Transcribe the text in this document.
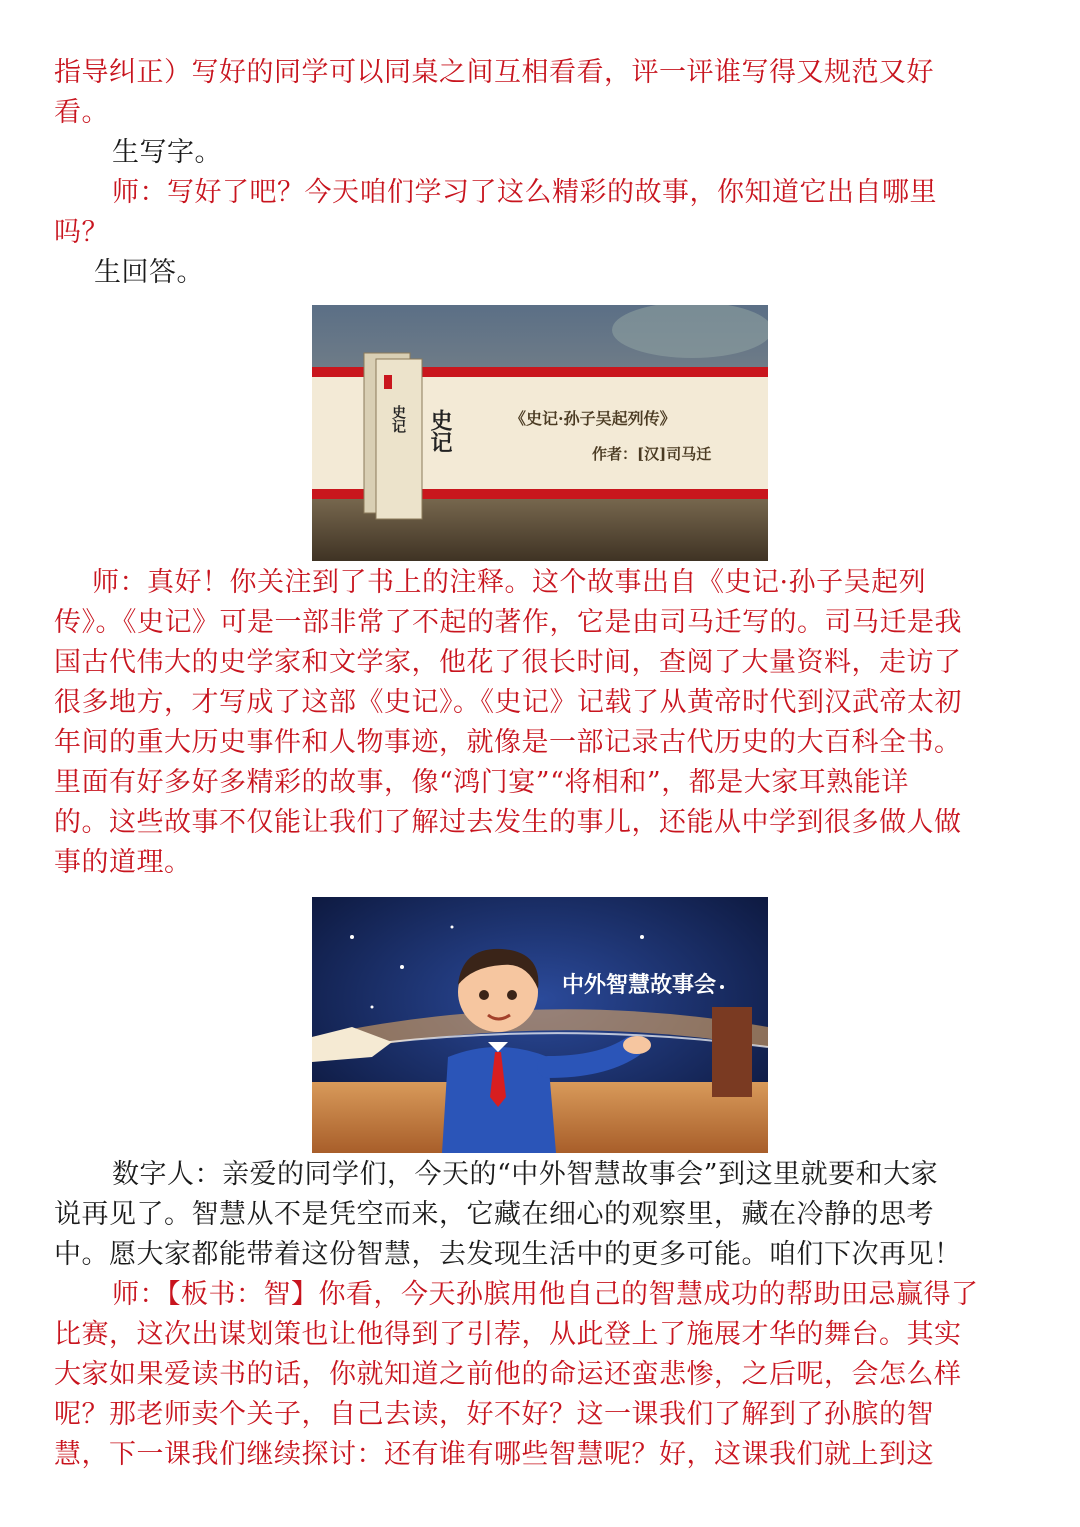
指导纠正）写好的同学可以同桌之间互相看看，评一评谁写得又规范又好
看。
生写字。
师：写好了吧？今天咱们学习了这么精彩的故事，你知道它出自哪里
吗？
生回答。
史记 史记	《史记·孙子吴起列传》
作者：[汉]司马迁
师：真好！你关注到了书上的注释。这个故事出自《史记·孙子吴起列
传》。《史记》可是一部非常了不起的著作，它是由司马迁写的。司马迁是我
国古代伟大的史学家和文学家，他花了很长时间，查阅了大量资料，走访了
很多地方，才写成了这部《史记》。《史记》记载了从黄帝时代到汉武帝太初
年间的重大历史事件和人物事迹，就像是一部记录古代历史的大百科全书。
里面有好多好多精彩的故事，像“鸿门宴”“将相和”，都是大家耳熟能详
的。这些故事不仅能让我们了解过去发生的事儿，还能从中学到很多做人做
事的道理。
中外智慧故事会
数字人：亲爱的同学们，今天的“中外智慧故事会”到这里就要和大家
说再见了。智慧从不是凭空而来，它藏在细心的观察里，藏在冷静的思考
中。愿大家都能带着这份智慧，去发现生活中的更多可能。咱们下次再见！
师：【板书：智】你看，今天孙膑用他自己的智慧成功的帮助田忌赢得了
比赛，这次出谋划策也让他得到了引荐，从此登上了施展才华的舞台。其实
大家如果爱读书的话，你就知道之前他的命运还蛮悲惨，之后呢，会怎么样
呢？那老师卖个关子，自己去读，好不好？这一课我们了解到了孙膑的智
慧，下一课我们继续探讨：还有谁有哪些智慧呢？好，这课我们就上到这
